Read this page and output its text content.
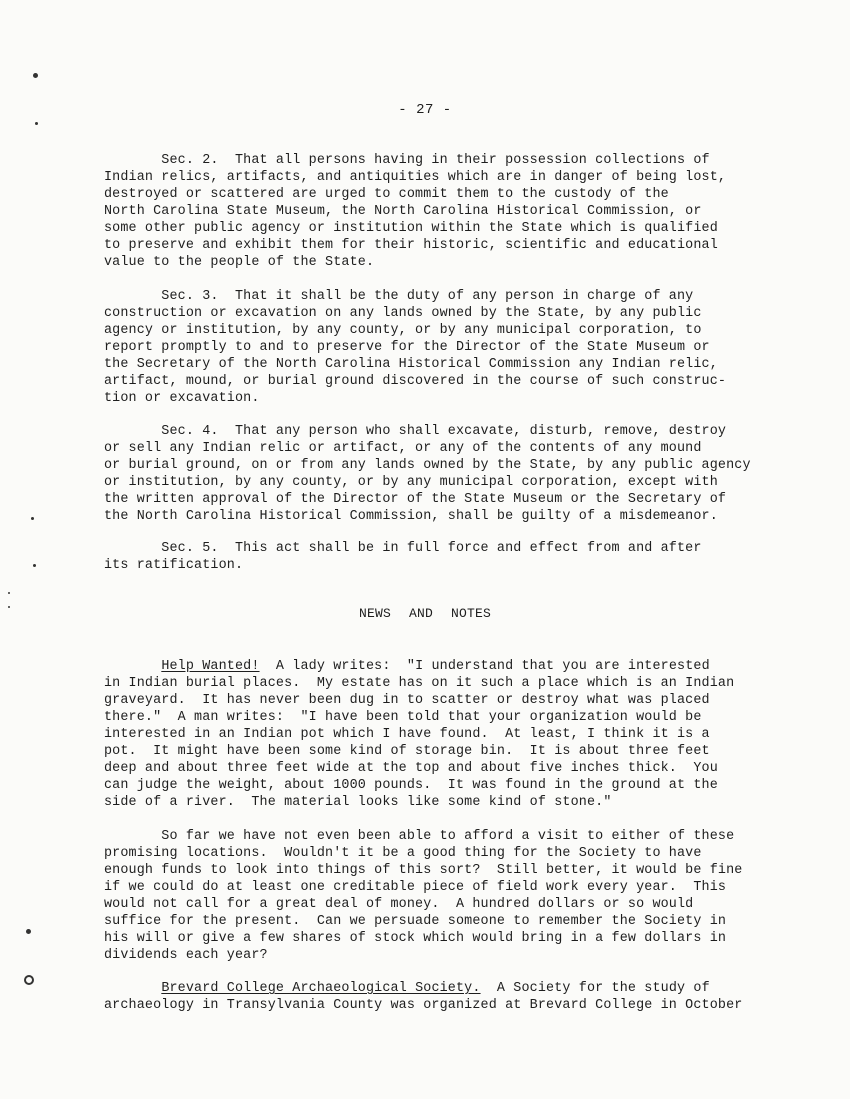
- 27 -
Sec. 2.  That all persons having in their possession collections of
Indian relics, artifacts, and antiquities which are in danger of being lost,
destroyed or scattered are urged to commit them to the custody of the
North Carolina State Museum, the North Carolina Historical Commission, or
some other public agency or institution within the State which is qualified
to preserve and exhibit them for their historic, scientific and educational
value to the people of the State.
Sec. 3.  That it shall be the duty of any person in charge of any
construction or excavation on any lands owned by the State, by any public
agency or institution, by any county, or by any municipal corporation, to
report promptly to and to preserve for the Director of the State Museum or
the Secretary of the North Carolina Historical Commission any Indian relic,
artifact, mound, or burial ground discovered in the course of such construc-
tion or excavation.
Sec. 4.  That any person who shall excavate, disturb, remove, destroy
or sell any Indian relic or artifact, or any of the contents of any mound
or burial ground, on or from any lands owned by the State, by any public agency
or institution, by any county, or by any municipal corporation, except with
the written approval of the Director of the State Museum or the Secretary of
the North Carolina Historical Commission, shall be guilty of a misdemeanor.
Sec. 5.  This act shall be in full force and effect from and after
its ratification.
NEWS AND NOTES
Help Wanted!  A lady writes:  "I understand that you are interested
in Indian burial places.  My estate has on it such a place which is an Indian
graveyard.  It has never been dug in to scatter or destroy what was placed
there."  A man writes:  "I have been told that your organization would be
interested in an Indian pot which I have found.  At least, I think it is a
pot.  It might have been some kind of storage bin.  It is about three feet
deep and about three feet wide at the top and about five inches thick.  You
can judge the weight, about 1000 pounds.  It was found in the ground at the
side of a river.  The material looks like some kind of stone."
So far we have not even been able to afford a visit to either of these
promising locations.  Wouldn't it be a good thing for the Society to have
enough funds to look into things of this sort?  Still better, it would be fine
if we could do at least one creditable piece of field work every year.  This
would not call for a great deal of money.  A hundred dollars or so would
suffice for the present.  Can we persuade someone to remember the Society in
his will or give a few shares of stock which would bring in a few dollars in
dividends each year?
Brevard College Archaeological Society.  A Society for the study of
archaeology in Transylvania County was organized at Brevard College in October
